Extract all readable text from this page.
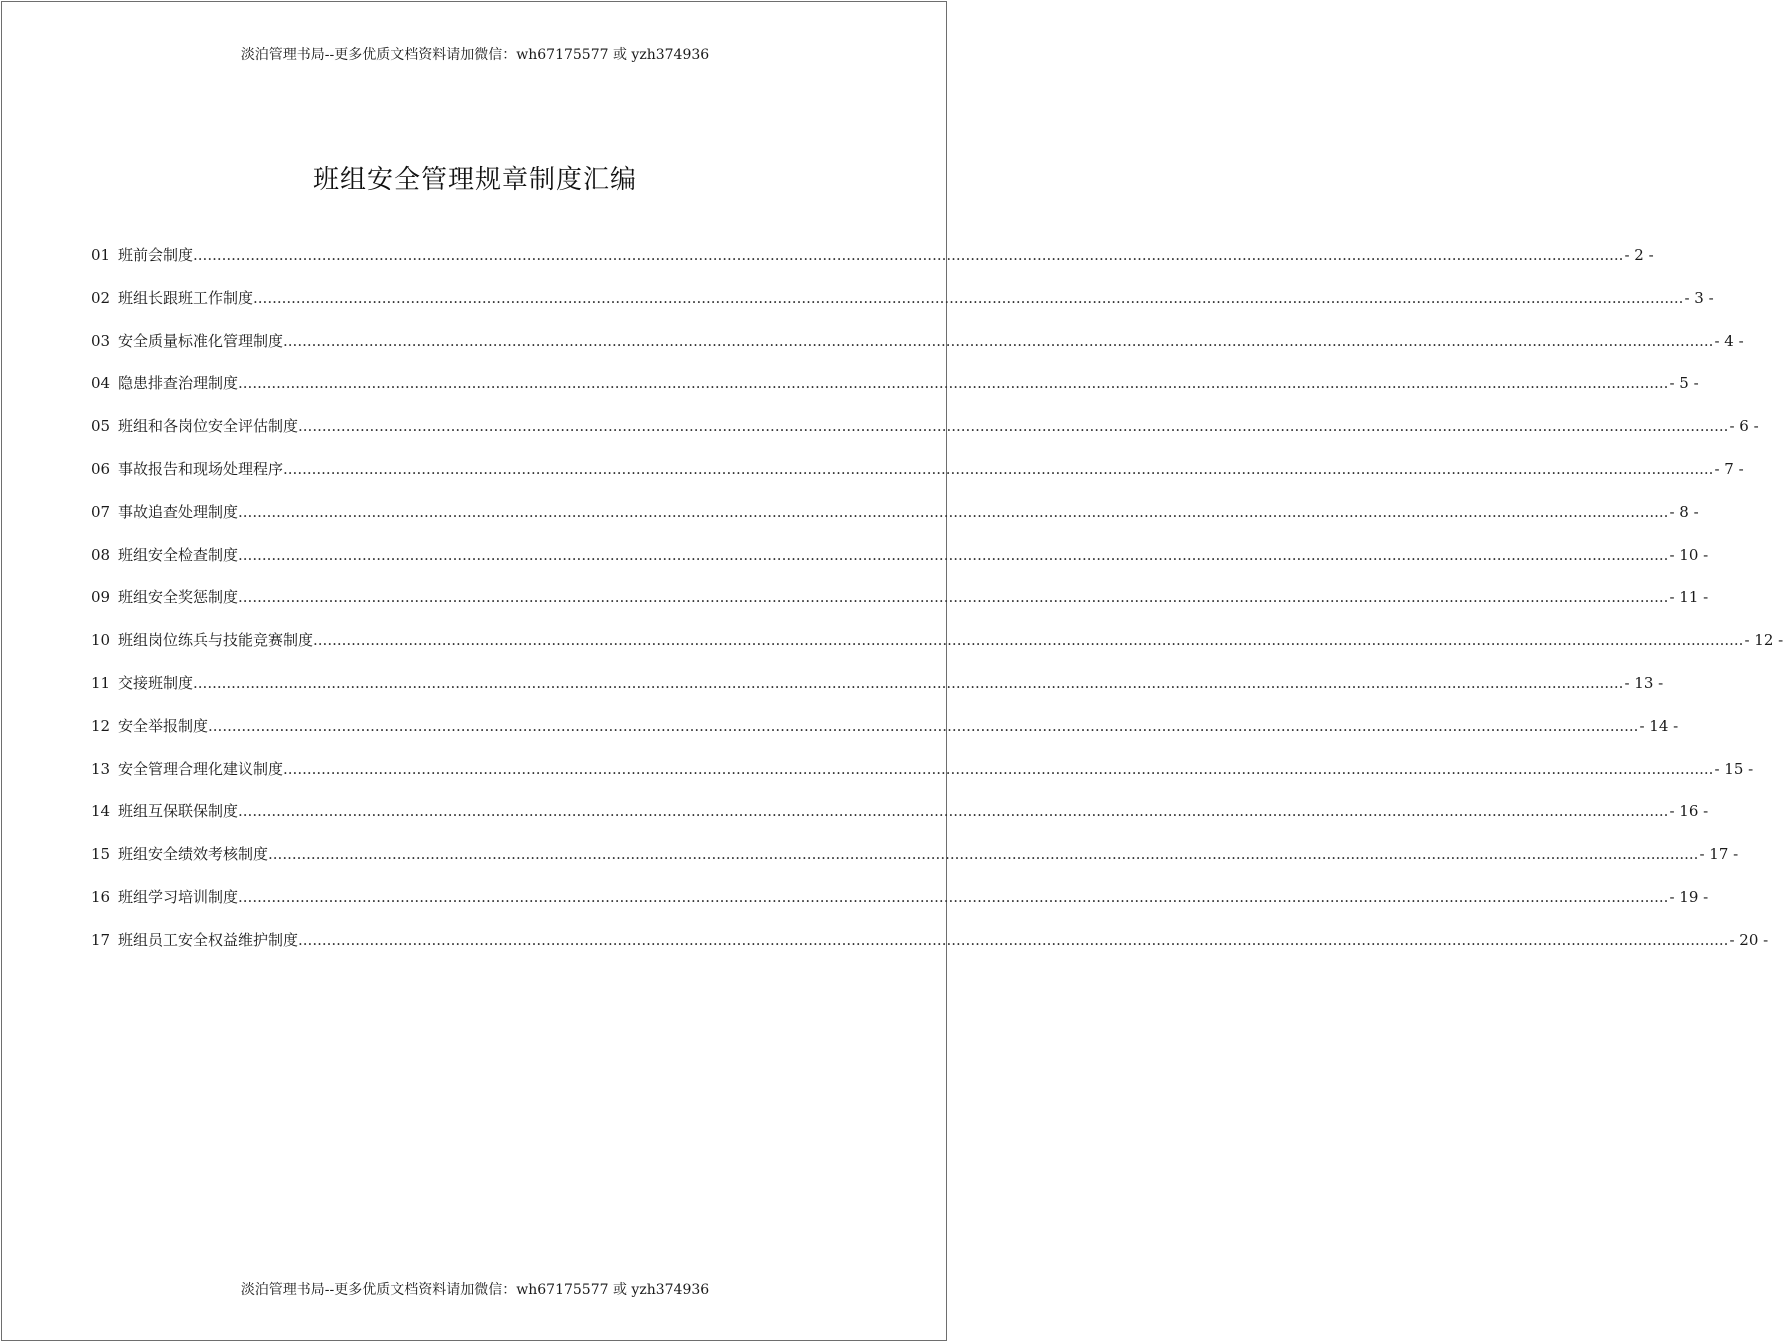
淡泊管理书局--更多优质文档资料请加微信：wh67175577 或 yzh374936
班组安全管理规章制度汇编
01 班前会制度 ............................................................................................................................................................................................................................................................................................................ - 2 -
02 班组长跟班工作制度 ............................................................................................................................................................................................................................................................................................................ - 3 -
03 安全质量标准化管理制度 ............................................................................................................................................................................................................................................................................................................ - 4 -
04 隐患排查治理制度 ............................................................................................................................................................................................................................................................................................................ - 5 -
05 班组和各岗位安全评估制度 ............................................................................................................................................................................................................................................................................................................ - 6 -
06 事故报告和现场处理程序 ............................................................................................................................................................................................................................................................................................................ - 7 -
07 事故追查处理制度 ............................................................................................................................................................................................................................................................................................................ - 8 -
08 班组安全检查制度 ............................................................................................................................................................................................................................................................................................................ - 10 -
09 班组安全奖惩制度 ............................................................................................................................................................................................................................................................................................................ - 11 -
10 班组岗位练兵与技能竞赛制度 ............................................................................................................................................................................................................................................................................................................ - 12 -
11 交接班制度 ............................................................................................................................................................................................................................................................................................................ - 13 -
12 安全举报制度 ............................................................................................................................................................................................................................................................................................................ - 14 -
13 安全管理合理化建议制度 ............................................................................................................................................................................................................................................................................................................ - 15 -
14 班组互保联保制度 ............................................................................................................................................................................................................................................................................................................ - 16 -
15 班组安全绩效考核制度 ............................................................................................................................................................................................................................................................................................................ - 17 -
16 班组学习培训制度 ............................................................................................................................................................................................................................................................................................................ - 19 -
17 班组员工安全权益维护制度 ............................................................................................................................................................................................................................................................................................................ - 20 -
淡泊管理书局--更多优质文档资料请加微信：wh67175577 或 yzh374936
